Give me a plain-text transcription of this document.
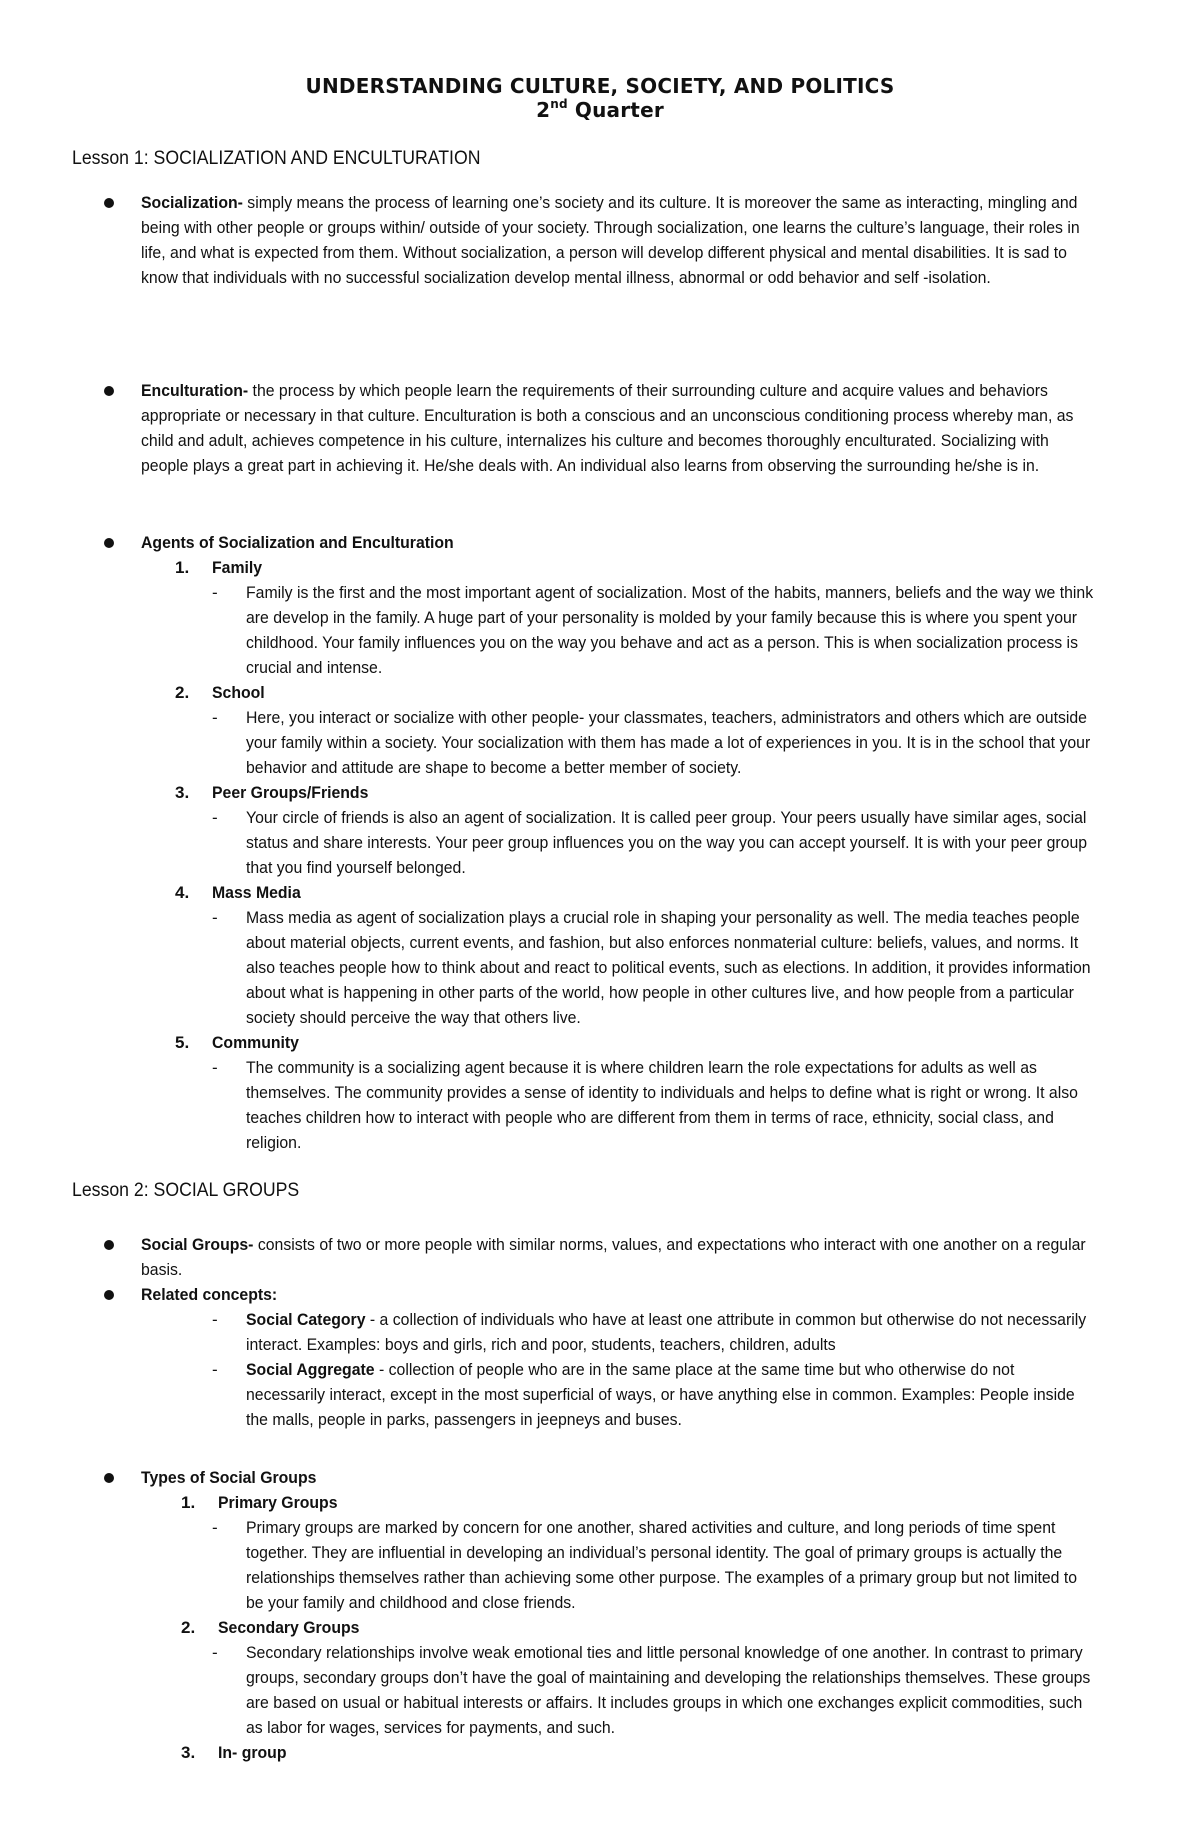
UNDERSTANDING CULTURE, SOCIETY, AND POLITICS
2nd Quarter
Lesson 1: SOCIALIZATION AND ENCULTURATION
Socialization- simply means the process of learning one’s society and its culture. It is moreover the same as interacting, mingling and being with other people or groups within/ outside of your society. Through socialization, one learns the culture’s language, their roles in life, and what is expected from them. Without socialization, a person will develop different physical and mental disabilities. It is sad to know that individuals with no successful socialization develop mental illness, abnormal or odd behavior and self -isolation.
Enculturation- the process by which people learn the requirements of their surrounding culture and acquire values and behaviors appropriate or necessary in that culture. Enculturation is both a conscious and an unconscious conditioning process whereby man, as child and adult, achieves competence in his culture, internalizes his culture and becomes thoroughly enculturated. Socializing with people plays a great part in achieving it. He/she deals with. An individual also learns from observing the surrounding he/she is in.
Agents of Socialization and Enculturation
1. Family
- Family is the first and the most important agent of socialization. Most of the habits, manners, beliefs and the way we think are develop in the family. A huge part of your personality is molded by your family because this is where you spent your childhood. Your family influences you on the way you behave and act as a person. This is when socialization process is crucial and intense.
2. School
- Here, you interact or socialize with other people- your classmates, teachers, administrators and others which are outside your family within a society. Your socialization with them has made a lot of experiences in you. It is in the school that your behavior and attitude are shape to become a better member of society.
3. Peer Groups/Friends
- Your circle of friends is also an agent of socialization. It is called peer group. Your peers usually have similar ages, social status and share interests. Your peer group influences you on the way you can accept yourself. It is with your peer group that you find yourself belonged.
4. Mass Media
- Mass media as agent of socialization plays a crucial role in shaping your personality as well. The media teaches people about material objects, current events, and fashion, but also enforces nonmaterial culture: beliefs, values, and norms. It also teaches people how to think about and react to political events, such as elections. In addition, it provides information about what is happening in other parts of the world, how people in other cultures live, and how people from a particular society should perceive the way that others live.
5. Community
- The community is a socializing agent because it is where children learn the role expectations for adults as well as themselves. The community provides a sense of identity to individuals and helps to define what is right or wrong. It also teaches children how to interact with people who are different from them in terms of race, ethnicity, social class, and religion.
Lesson 2: SOCIAL GROUPS
Social Groups- consists of two or more people with similar norms, values, and expectations who interact with one another on a regular basis.
Related concepts:
- Social Category - a collection of individuals who have at least one attribute in common but otherwise do not necessarily interact. Examples: boys and girls, rich and poor, students, teachers, children, adults
- Social Aggregate - collection of people who are in the same place at the same time but who otherwise do not necessarily interact, except in the most superficial of ways, or have anything else in common. Examples: People inside the malls, people in parks, passengers in jeepneys and buses.
Types of Social Groups
1. Primary Groups
- Primary groups are marked by concern for one another, shared activities and culture, and long periods of time spent together. They are influential in developing an individual’s personal identity. The goal of primary groups is actually the relationships themselves rather than achieving some other purpose. The examples of a primary group but not limited to be your family and childhood and close friends.
2. Secondary Groups
- Secondary relationships involve weak emotional ties and little personal knowledge of one another. In contrast to primary groups, secondary groups don’t have the goal of maintaining and developing the relationships themselves. These groups are based on usual or habitual interests or affairs. It includes groups in which one exchanges explicit commodities, such as labor for wages, services for payments, and such.
3. In- group
